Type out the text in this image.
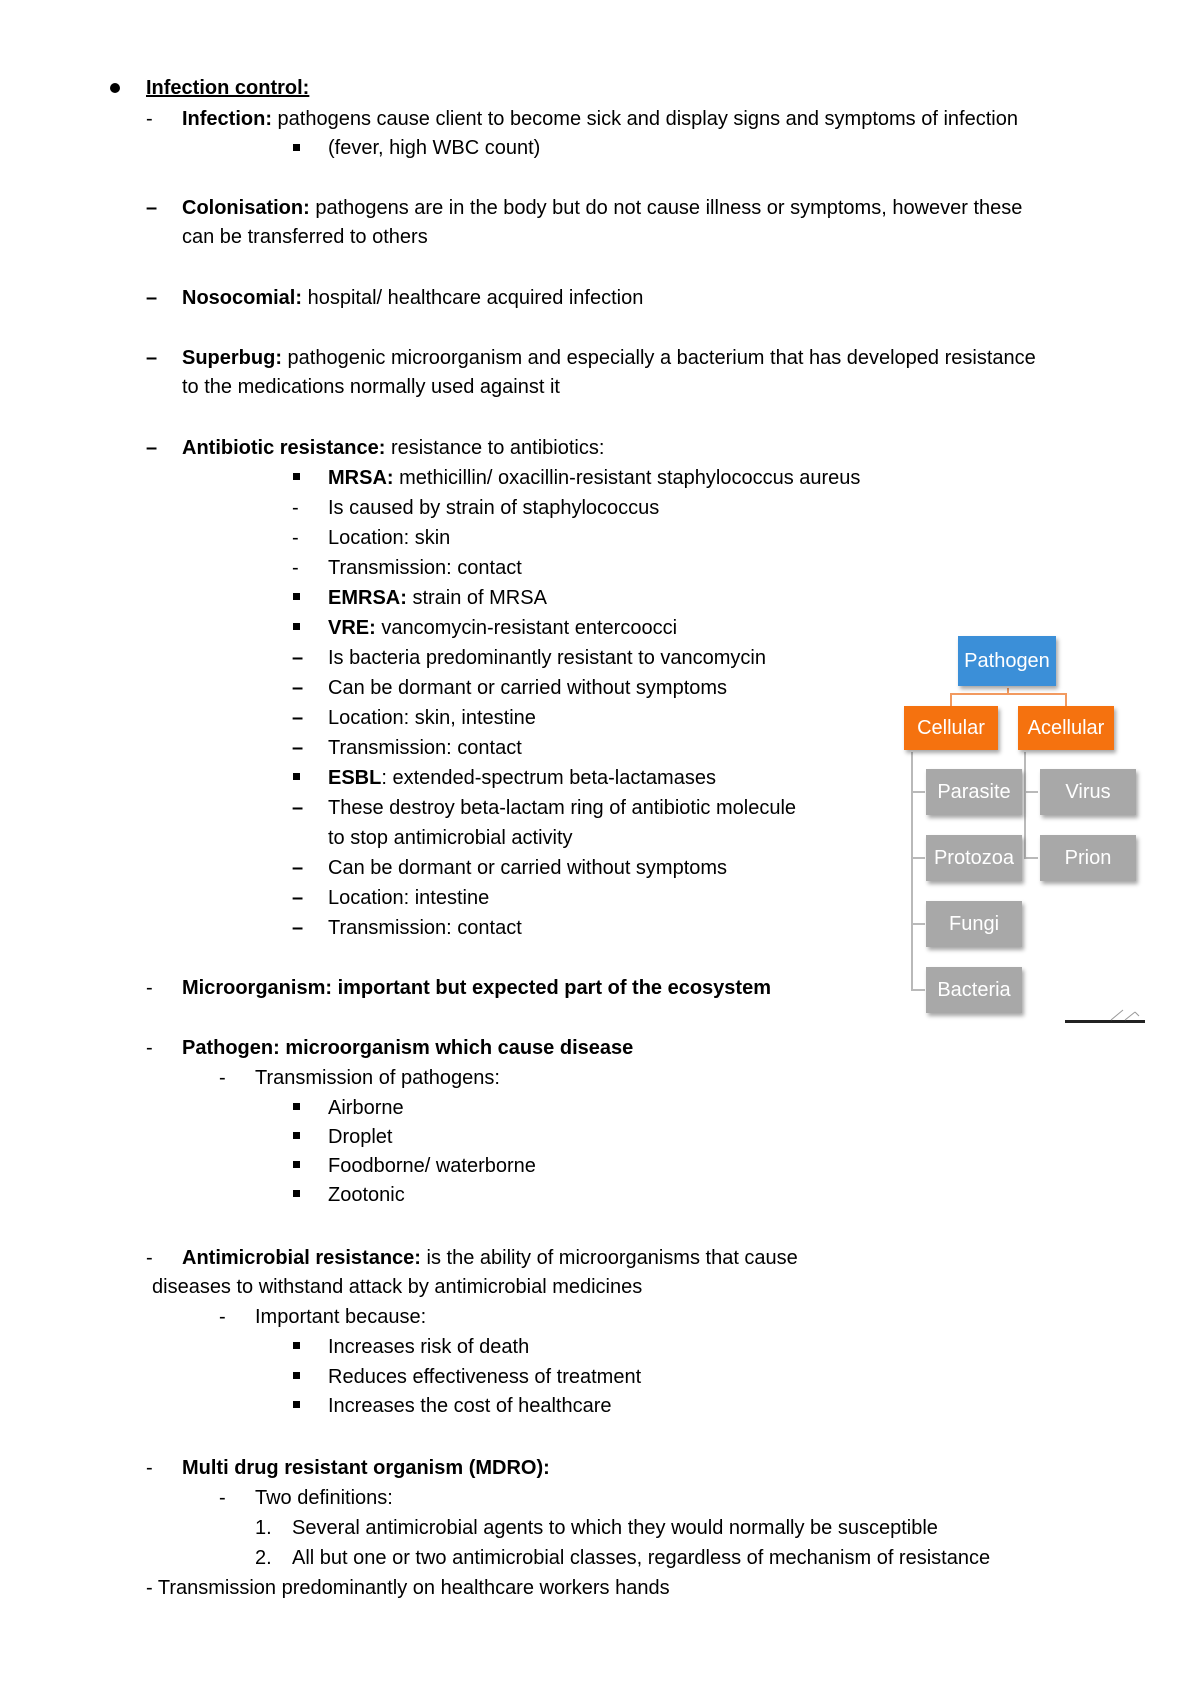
Infection control:
- Infection: pathogens cause client to become sick and display signs and symptoms of infection
(fever, high WBC count)
– Colonisation: pathogens are in the body but do not cause illness or symptoms, however these
can be transferred to others
– Nosocomial: hospital/ healthcare acquired infection
– Superbug: pathogenic microorganism and especially a bacterium that has developed resistance
to the medications normally used against it
– Antibiotic resistance: resistance to antibiotics:
MRSA: methicillin/ oxacillin-resistant staphylococcus aureus
- Is caused by strain of staphylococcus
- Location: skin
- Transmission: contact
EMRSA: strain of MRSA
VRE: vancomycin-resistant entercoocci
– Is bacteria predominantly resistant to vancomycin
– Can be dormant or carried without symptoms
– Location: skin, intestine
– Transmission: contact
ESBL: extended-spectrum beta-lactamases
– These destroy beta-lactam ring of antibiotic molecule
to stop antimicrobial activity
– Can be dormant or carried without symptoms
– Location: intestine
– Transmission: contact
- Microorganism: important but expected part of the ecosystem
- Pathogen: microorganism which cause disease
- Transmission of pathogens:
Airborne
Droplet
Foodborne/ waterborne
Zootonic
- Antimicrobial resistance: is the ability of microorganisms that cause
diseases to withstand attack by antimicrobial medicines
- Important because:
Increases risk of death
Reduces effectiveness of treatment
Increases the cost of healthcare
- Multi drug resistant organism (MDRO):
- Two definitions:
1. Several antimicrobial agents to which they would normally be susceptible
2. All but one or two antimicrobial classes, regardless of mechanism of resistance
- Transmission predominantly on healthcare workers hands
Pathogen
Cellular	Acellular
Parasite
Protozoa
Fungi
Bacteria
Virus
Prion
